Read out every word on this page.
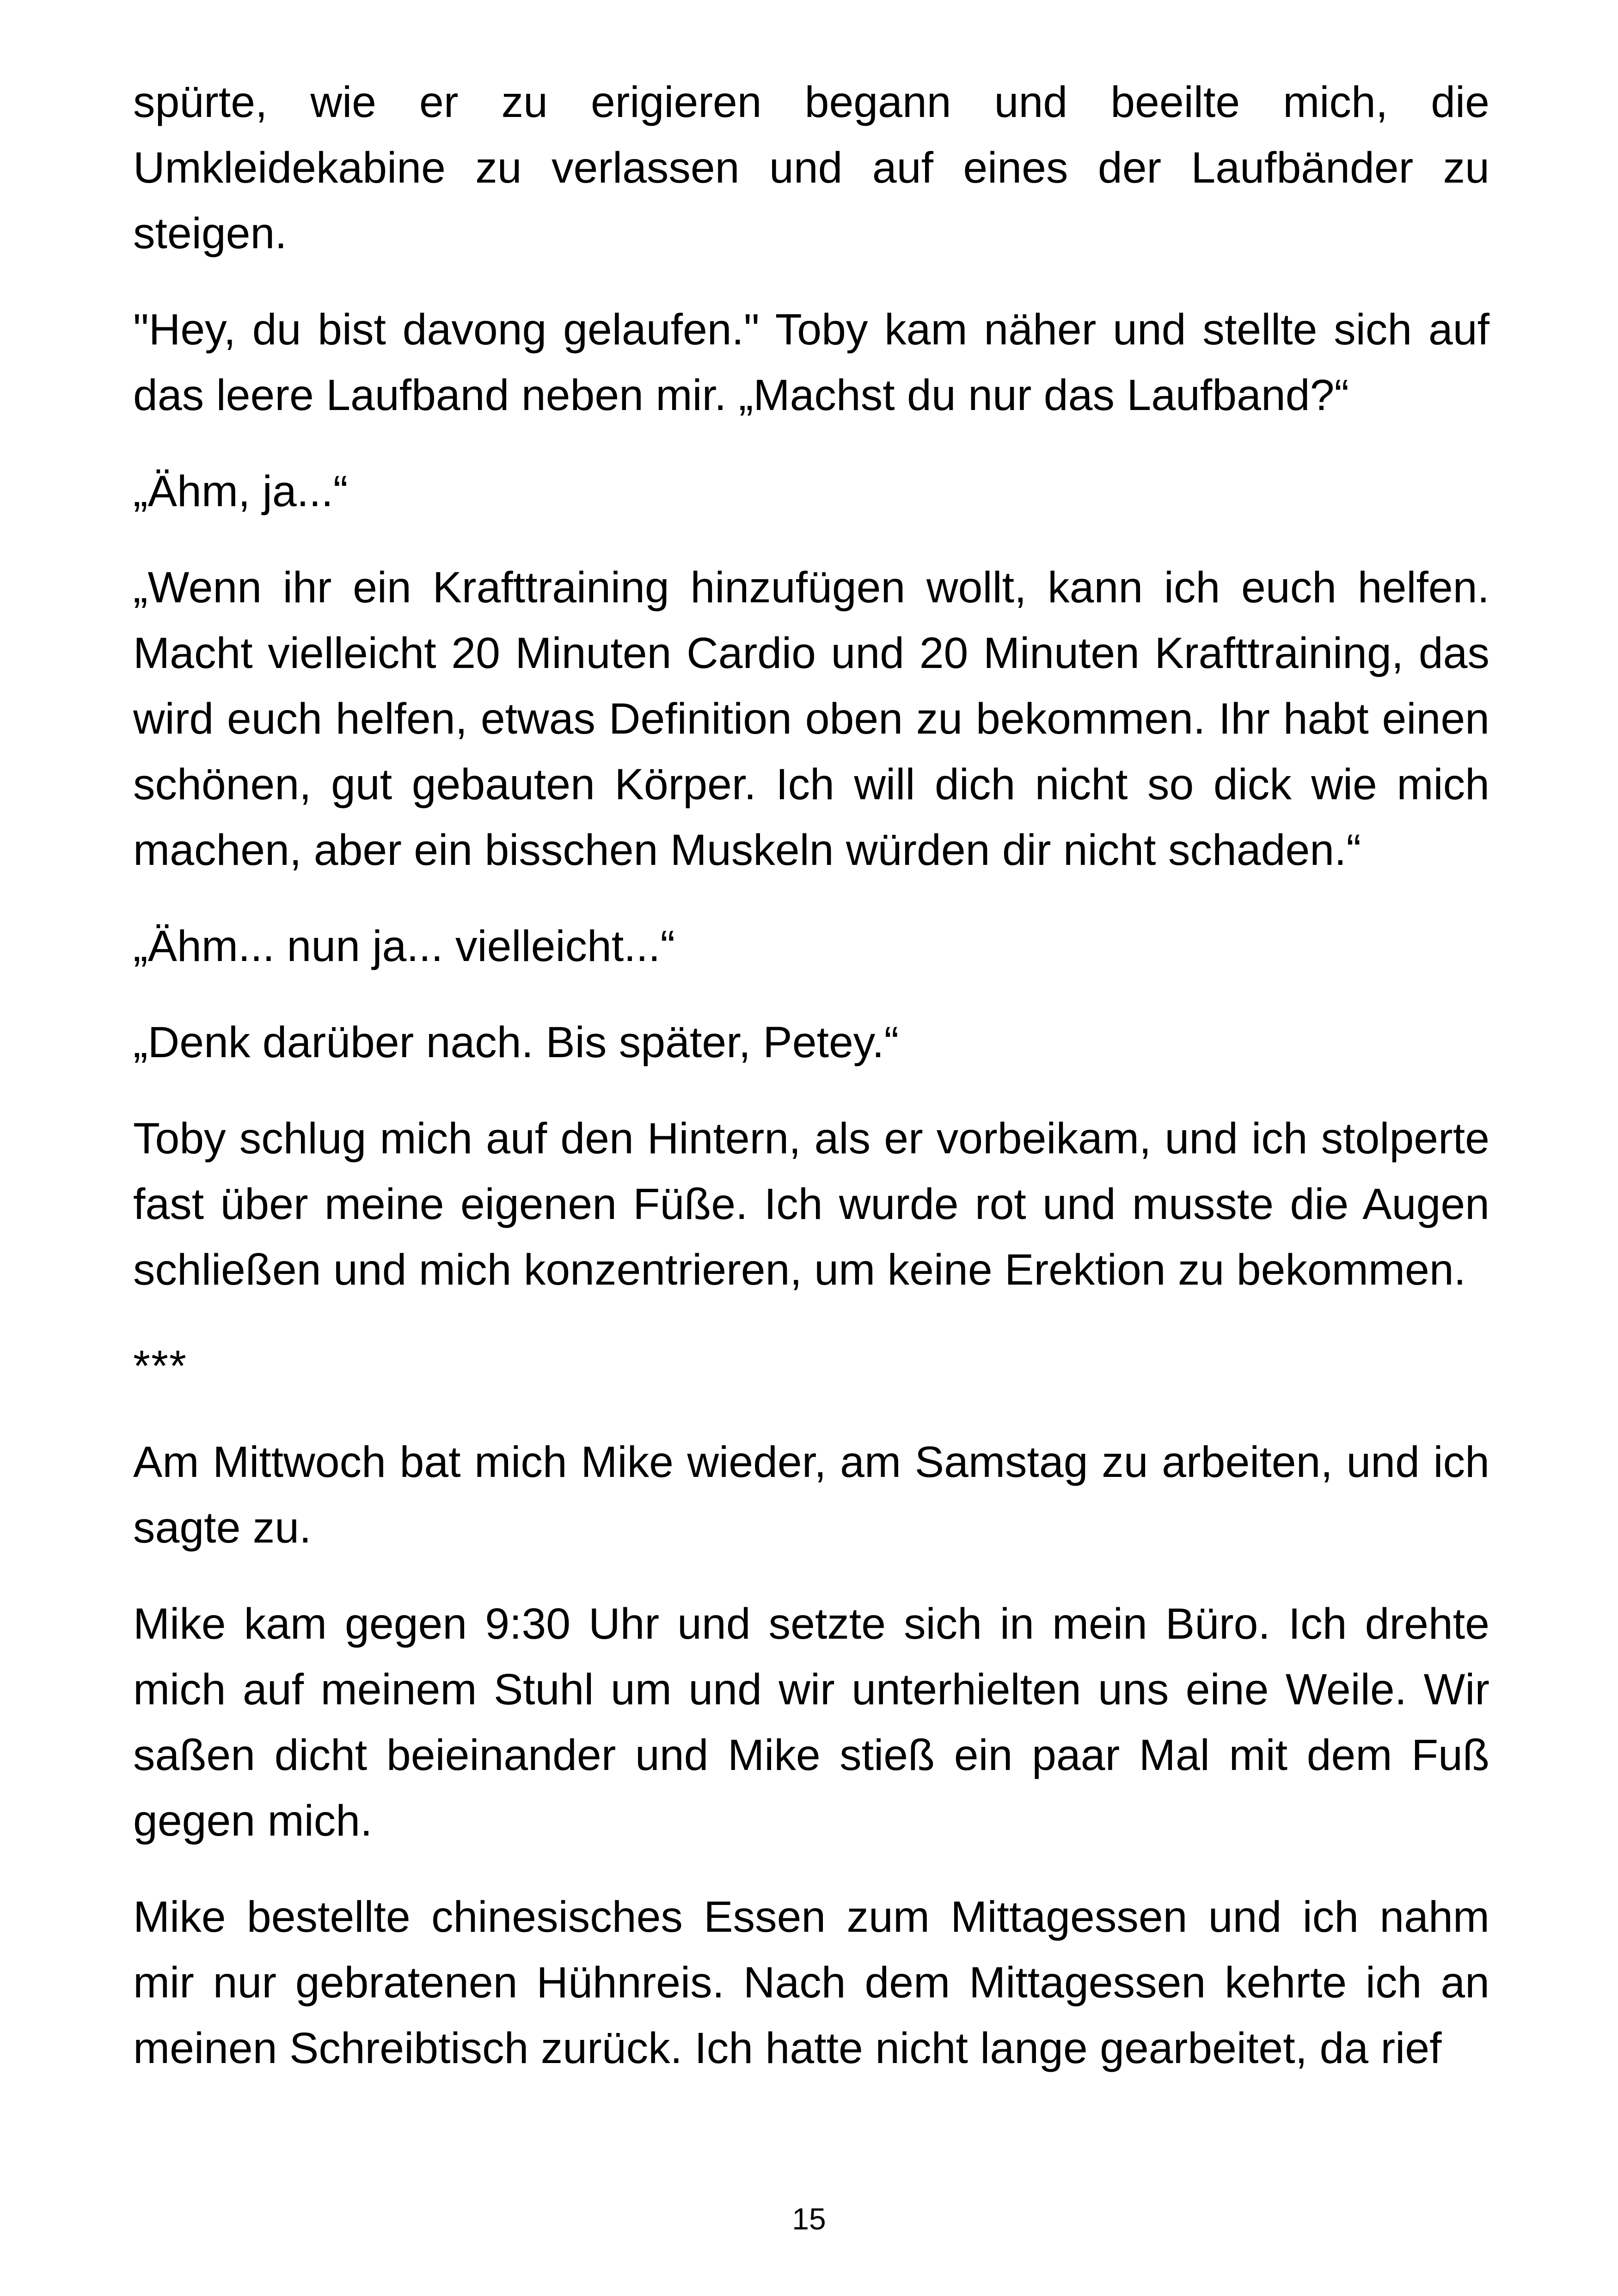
spürte, wie er zu erigieren begann und beeilte mich, die Umkleidekabine zu verlassen und auf eines der Laufbänder zu steigen.

"Hey, du bist davong gelaufen." Toby kam näher und stellte sich auf das leere Laufband neben mir. „Machst du nur das Laufband?“

„Ähm, ja...“

„Wenn ihr ein Krafttraining hinzufügen wollt, kann ich euch helfen. Macht vielleicht 20 Minuten Cardio und 20 Minuten Krafttraining, das wird euch helfen, etwas Definition oben zu bekommen. Ihr habt einen schönen, gut gebauten Körper. Ich will dich nicht so dick wie mich machen, aber ein bisschen Muskeln würden dir nicht schaden.“

„Ähm... nun ja... vielleicht...“

„Denk darüber nach. Bis später, Petey.“

Toby schlug mich auf den Hintern, als er vorbeikam, und ich stolperte fast über meine eigenen Füße. Ich wurde rot und musste die Augen schließen und mich konzentrieren, um keine Erektion zu bekommen.

***

Am Mittwoch bat mich Mike wieder, am Samstag zu arbeiten, und ich sagte zu.

Mike kam gegen 9:30 Uhr und setzte sich in mein Büro. Ich drehte mich auf meinem Stuhl um und wir unterhielten uns eine Weile. Wir saßen dicht beieinander und Mike stieß ein paar Mal mit dem Fuß gegen mich.

Mike bestellte chinesisches Essen zum Mittagessen und ich nahm mir nur gebratenen Hühnreis. Nach dem Mittagessen kehrte ich an meinen Schreibtisch zurück. Ich hatte nicht lange gearbeitet, da rief

15
